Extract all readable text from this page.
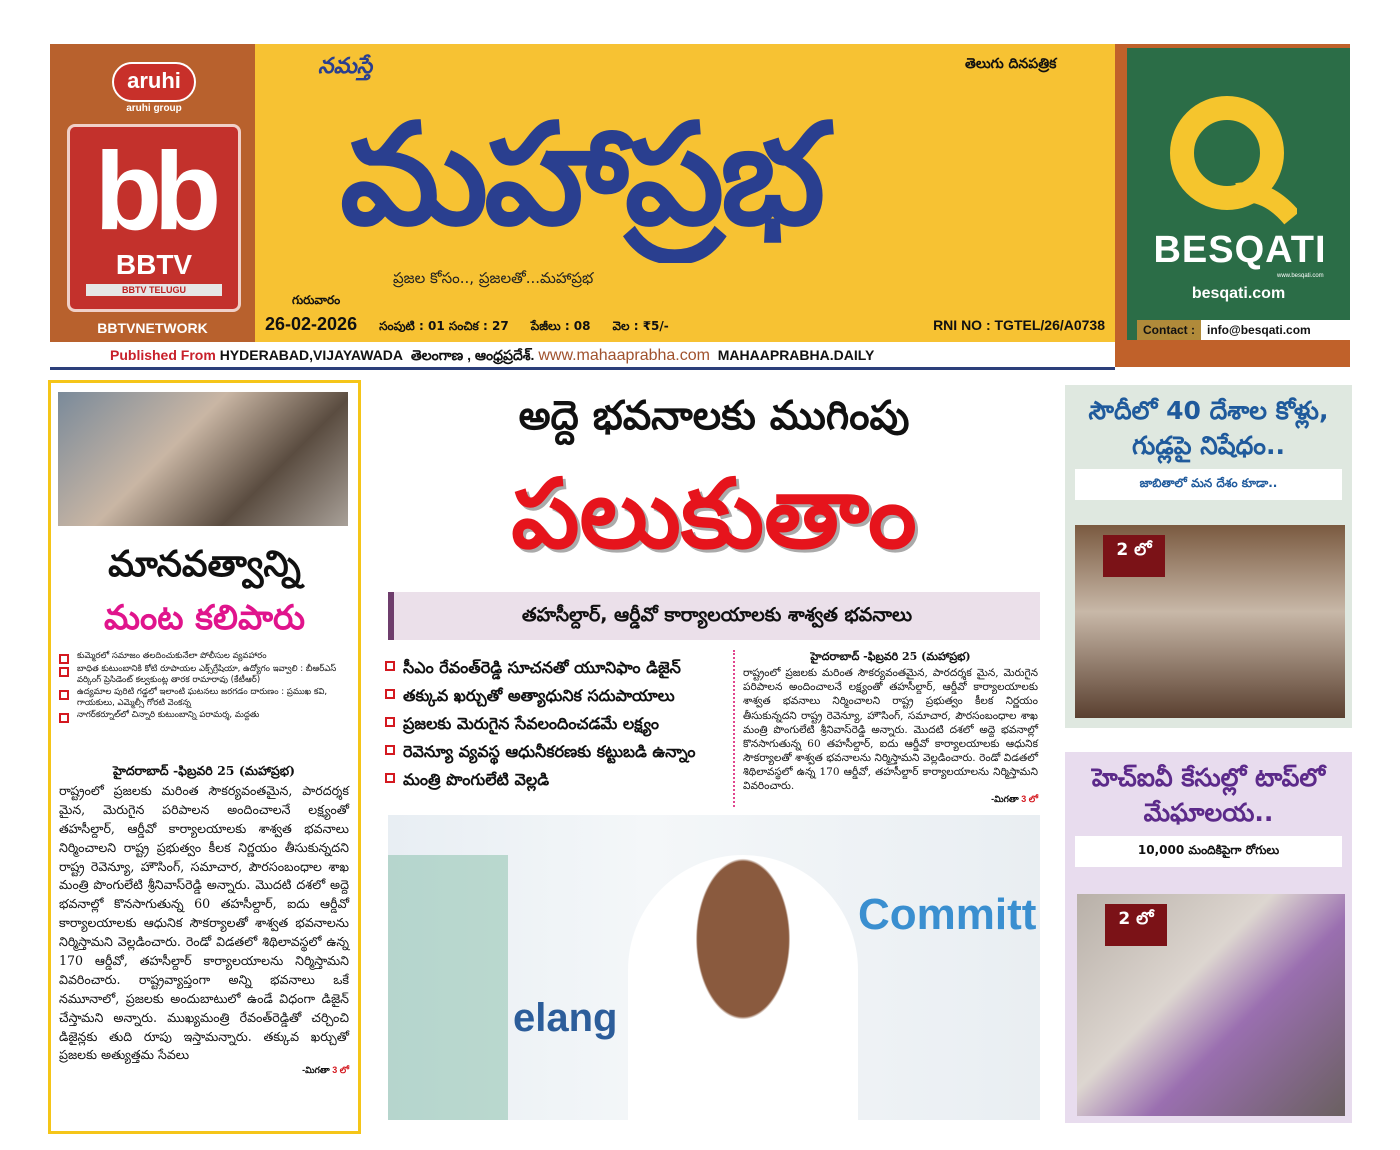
aruhi
aruhi group
bb
BBTV
BBTV TELUGU
BBTVNETWORK
నమస్తే
మహాప్రభ
తెలుగు దినపత్రిక
ప్రజల కోసం.., ప్రజలతో...మహాప్రభ
గురువారం
26-02-2026 సంపుటి : 01 సంచిక : 27 పేజీలు : 08 వెల : ₹5/-	RNI NO : TGTEL/26/A0738
Published From HYDERABAD,VIJAYAWADA తెలంగాణ , ఆంధ్రప్రదేశ్. www.mahaaprabha.com MAHAAPRABHA.DAILY
BESQATI
www.besqati.com
besqati.com
Contact :	info@besqati.com
మానవత్వాన్ని
మంట కలిపారు
కుమ్మెరలో సమాజం తలదించుకునేలా పోలీసుల వ్యవహారం
బాధిత కుటుంబానికి కోటి రూపాయల ఎక్స్‌గ్రేషియా, ఉద్యోగం ఇవ్వాలి : బీఆర్ఎస్ వర్కింగ్ ప్రెసిడెంట్ కల్వకుంట్ల తారక రామారావు (కేటీఆర్)
ఉద్యమాల పురిటి గడ్డలో ఇలాంటి ఘటనలు జరగడం దారుణం : ప్రముఖ కవి, గాయకులు, ఎమ్మెల్సీ గోరటి వెంకన్న
నాగర్‌కర్నూల్‌లో చిన్నారి కుటుంబాన్ని పరామర్శ, మద్దతు
హైదరాబాద్ -ఫిబ్రవరి 25 (మహాప్రభ)
రాష్ట్రంలో ప్రజలకు మరింత సౌకర్యవంతమైన, పారదర్శక మైన, మెరుగైన పరిపాలన అందించాలనే లక్ష్యంతో తహసీల్దార్, ఆర్డీవో కార్యాలయాలకు శాశ్వత భవనాలు నిర్మించాలని రాష్ట్ర ప్రభుత్వం కీలక నిర్ణయం తీసుకున్నదని రాష్ట్ర రెవెన్యూ, హౌసింగ్, సమాచార, పౌరసంబంధాల శాఖ మంత్రి పొంగులేటి శ్రీనివాస్‌రెడ్డి అన్నారు. మొదటి దశలో అద్దె భవనాల్లో కొనసాగుతున్న 60 తహసీల్దార్, ఐదు ఆర్డీవో కార్యాలయాలకు ఆధునిక సౌకర్యాలతో శాశ్వత భవనాలను నిర్మిస్తామని వెల్లడించారు. రెండో విడతలో శిథిలావస్థలో ఉన్న 170 ఆర్డీవో, తహసీల్దార్ కార్యాలయాలను నిర్మిస్తామని వివరించారు. రాష్ట్రవ్యాప్తంగా అన్ని భవనాలు ఒకే నమూనాలో, ప్రజలకు అందుబాటులో ఉండే విధంగా డిజైన్ చేస్తామని అన్నారు. ముఖ్యమంత్రి రేవంత్‌రెడ్డితో చర్చించి డిజైన్లకు తుది రూపు ఇస్తామన్నారు. తక్కువ ఖర్చుతో ప్రజలకు అత్యుత్తమ సేవలు
-మిగతా 3 లో
అద్దె భవనాలకు ముగింపు
పలుకుతాం
తహసీల్దార్, ఆర్డీవో కార్యాలయాలకు శాశ్వత భవనాలు
సీఎం రేవంత్‌రెడ్డి సూచనతో యూనిఫాం డిజైన్
తక్కువ ఖర్చుతో అత్యాధునిక సదుపాయాలు
ప్రజలకు మెరుగైన సేవలందించడమే లక్ష్యం
రెవెన్యూ వ్యవస్థ ఆధునీకరణకు కట్టుబడి ఉన్నాం
మంత్రి పొంగులేటి వెల్లడి
Committ
elang
హైదరాబాద్ -ఫిబ్రవరి 25 (మహాప్రభ)
రాష్ట్రంలో ప్రజలకు మరింత సౌకర్యవంతమైన, పారదర్శక మైన, మెరుగైన పరిపాలన అందించాలనే లక్ష్యంతో తహసీల్దార్, ఆర్డీవో కార్యాలయాలకు శాశ్వత భవనాలు నిర్మించాలని రాష్ట్ర ప్రభుత్వం కీలక నిర్ణయం తీసుకున్నదని రాష్ట్ర రెవెన్యూ, హౌసింగ్, సమాచార, పౌరసంబంధాల శాఖ మంత్రి పొంగులేటి శ్రీనివాస్‌రెడ్డి అన్నారు. మొదటి దశలో అద్దె భవనాల్లో కొనసాగుతున్న 60 తహసీల్దార్, ఐదు ఆర్డీవో కార్యాలయాలకు ఆధునిక సౌకర్యాలతో శాశ్వత భవనాలను నిర్మిస్తామని వెల్లడించారు. రెండో విడతలో శిథిలావస్థలో ఉన్న 170 ఆర్డీవో, తహసీల్దార్ కార్యాలయాలను నిర్మిస్తామని వివరించారు.
-మిగతా 3 లో
సౌదీలో 40 దేశాల కోళ్లు, గుడ్లపై నిషేధం..
జాబితాలో మన దేశం కూడా..
2 లో
హెచ్ఐవీ కేసుల్లో టాప్‌లో మేఘాలయ..
10,000 మందికిపైగా రోగులు
2 లో
